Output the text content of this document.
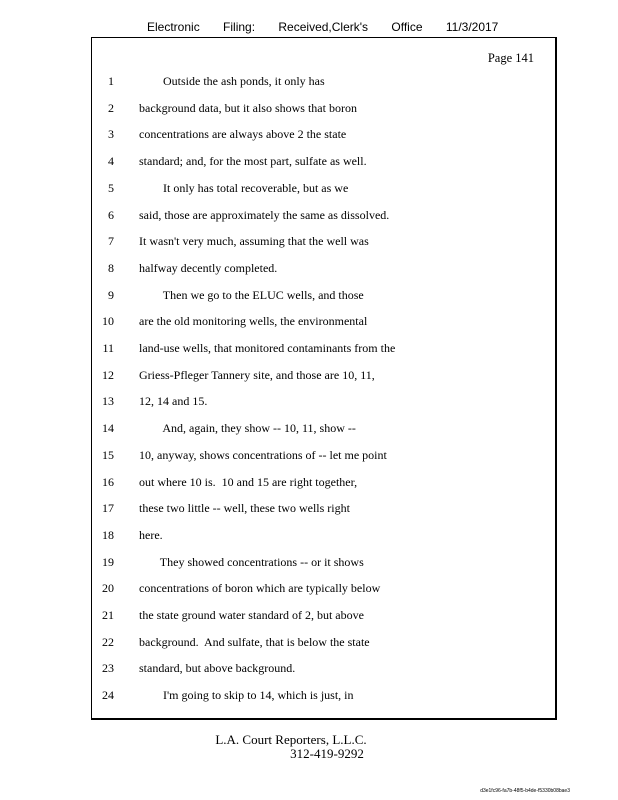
Electronic Filing: Received,Clerk's Office 11/3/2017
Page 141
1 Outside the ash ponds, it only has
2 background data, but it also shows that boron
3 concentrations are always above 2 the state
4 standard; and, for the most part, sulfate as well.
5 It only has total recoverable, but as we
6 said, those are approximately the same as dissolved.
7 It wasn't very much, assuming that the well was
8 halfway decently completed.
9 Then we go to the ELUC wells, and those
10 are the old monitoring wells, the environmental
11 land-use wells, that monitored contaminants from the
12 Griess-Pfleger Tannery site, and those are 10, 11,
13 12, 14 and 15.
14 And, again, they show -- 10, 11, show --
15 10, anyway, shows concentrations of -- let me point
16 out where 10 is.  10 and 15 are right together,
17 these two little -- well, these two wells right
18 here.
19 They showed concentrations -- or it shows
20 concentrations of boron which are typically below
21 the state ground water standard of 2, but above
22 background.  And sulfate, that is below the state
23 standard, but above background.
24 I'm going to skip to 14, which is just, in
L.A. Court Reporters, L.L.C.
312-419-9292
d3e1fc96-fa7b-48f5-b4de-f5330b08bae3
